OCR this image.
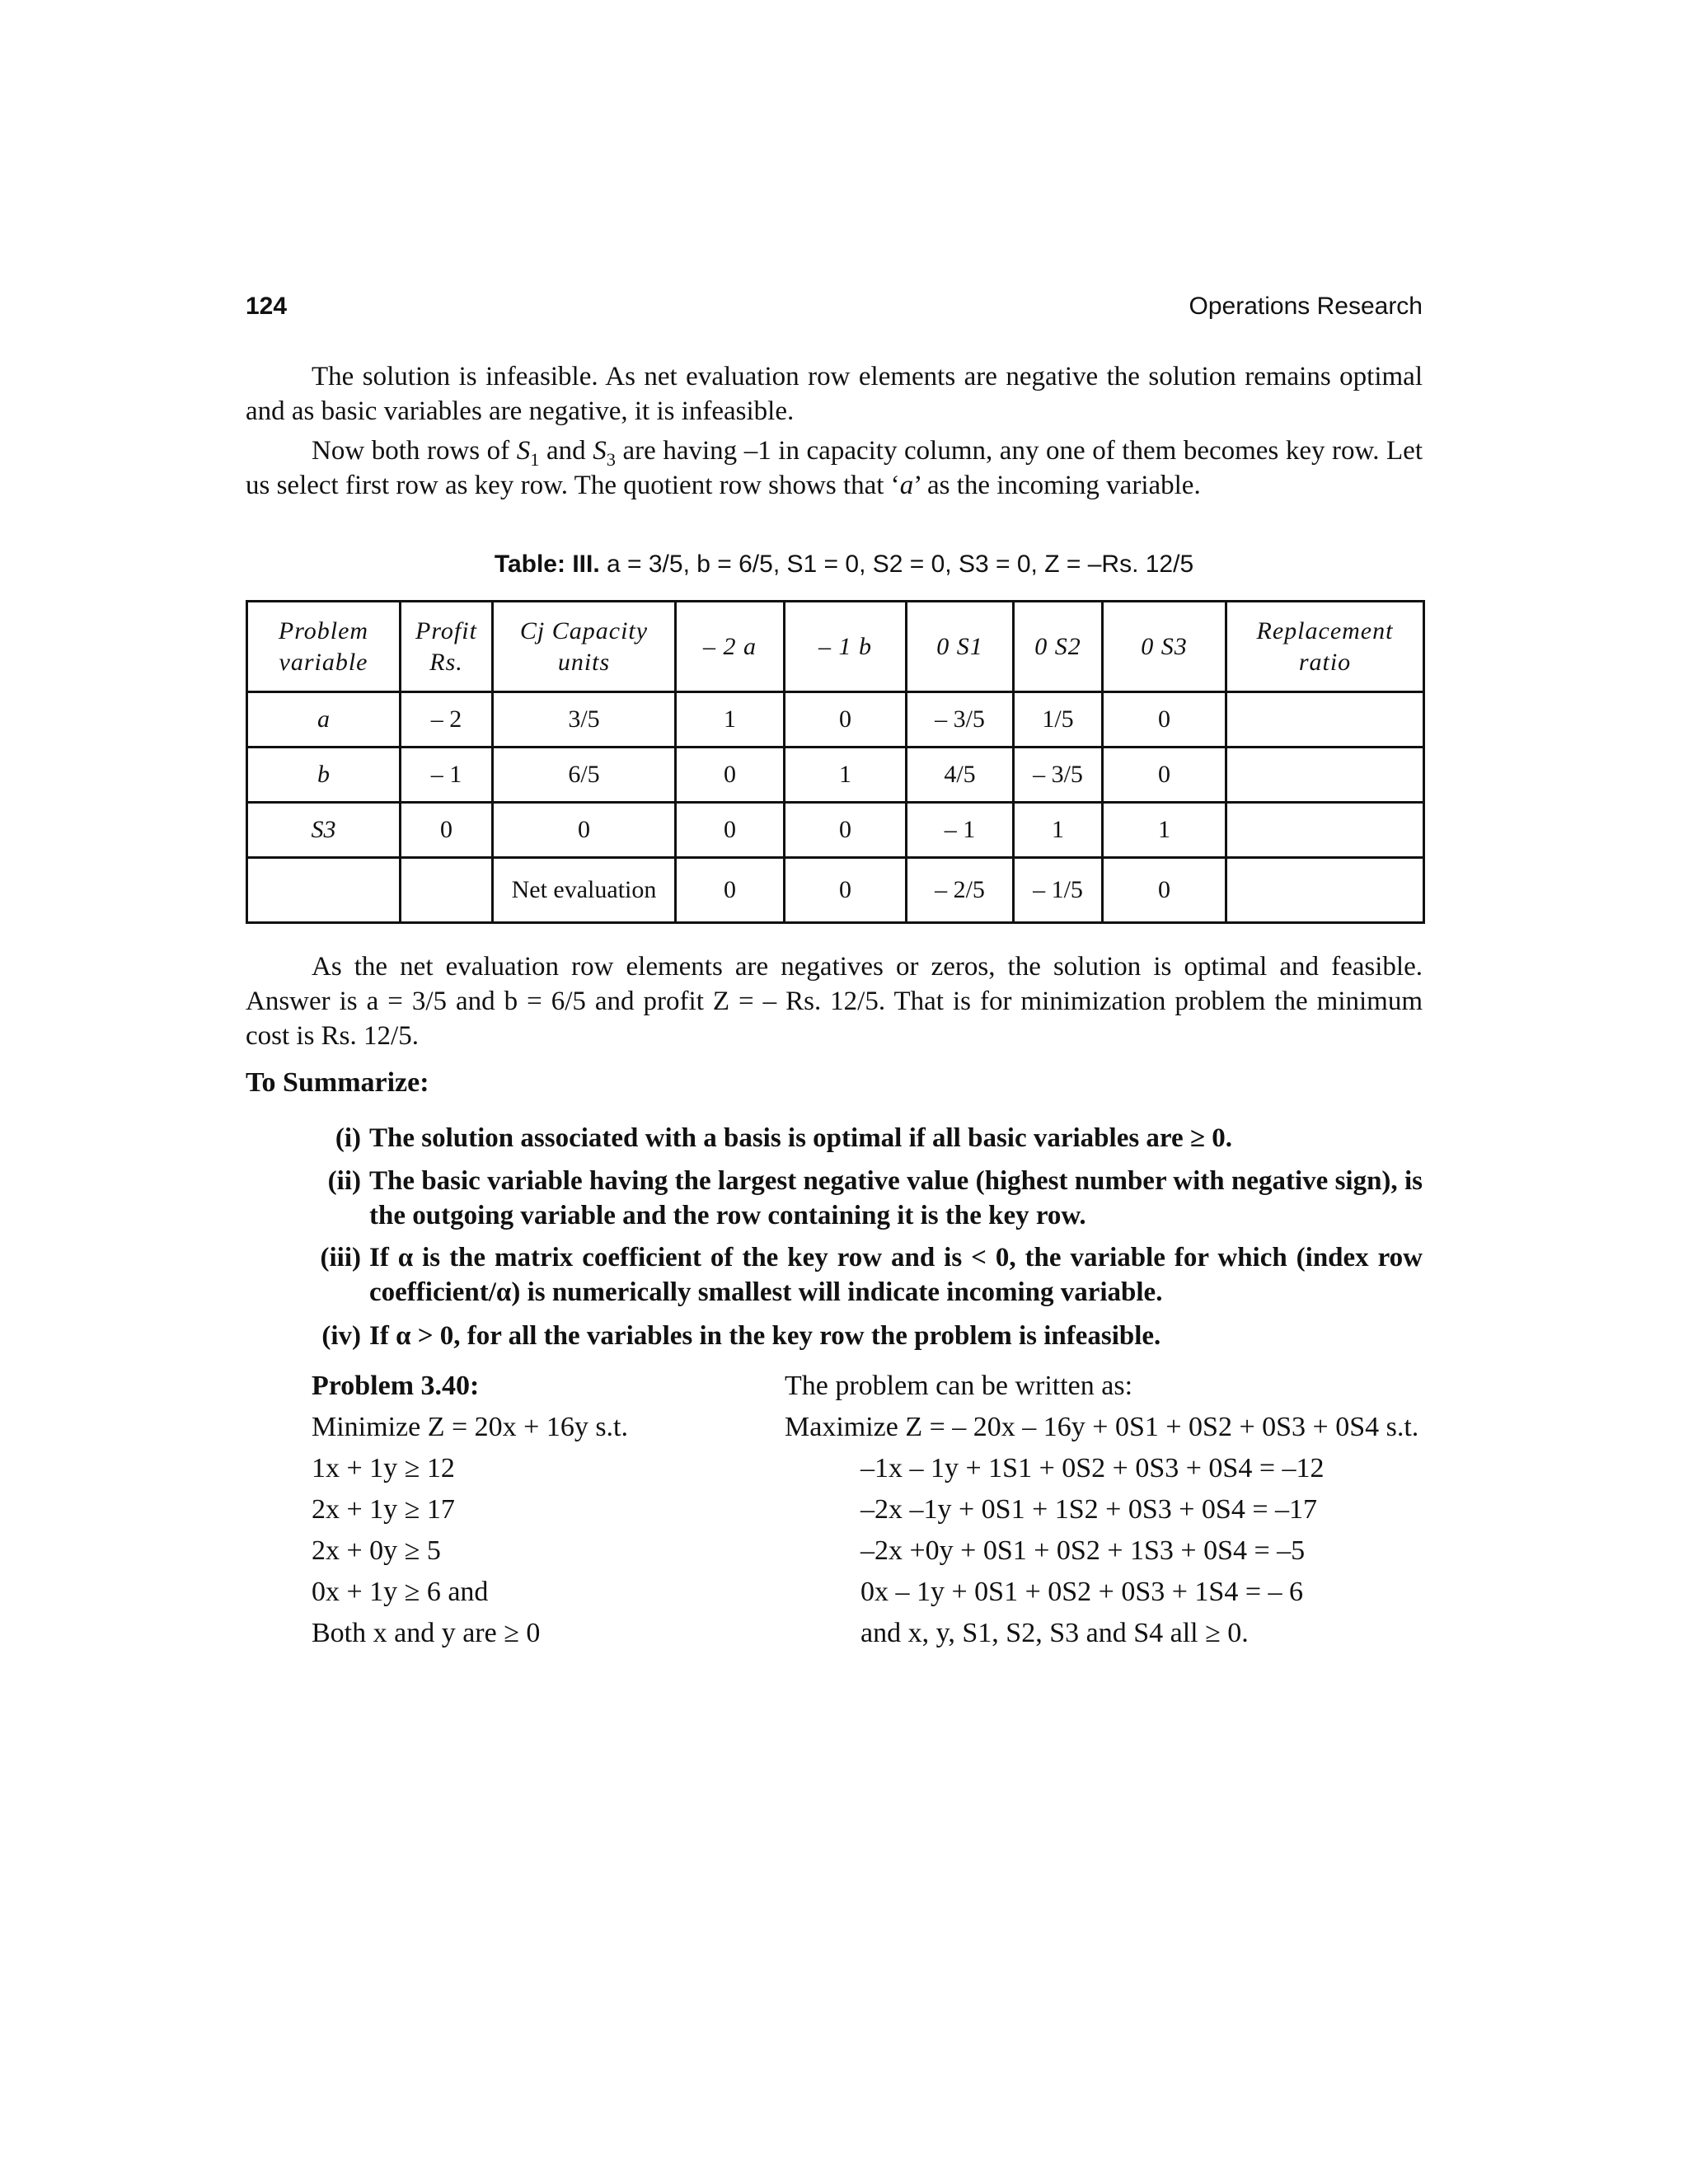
124	Operations Research

The solution is infeasible. As net evaluation row elements are negative the solution remains optimal and as basic variables are negative, it is infeasible.

Now both rows of $S_1$ and $S_3$ are having –1 in capacity column, any one of them becomes key row. Let us select first row as key row. The quotient row shows that ‘a’ as the incoming variable.

Table: III. a = 3/5, b = 6/5, S1 = 0, S2 = 0, S3 = 0, Z = –Rs. 12/5
Problem variable	Profit Rs.	Cj Capacity units	– 2 a	– 1 b	0 S1	0 S2	0 S3	Replacement ratio
a	– 2	3/5	1	0	– 3/5	1/5	0	
b	– 1	6/5	0	1	4/5	– 3/5	0	
S3	0	0	0	0	– 1	1	1	
		Net evaluation	0	0	– 2/5	– 1/5	0	

As the net evaluation row elements are negatives or zeros, the solution is optimal and feasible. Answer is a = 3/5 and b = 6/5 and profit Z = – Rs. 12/5. That is for minimization problem the minimum cost is Rs. 12/5.

To Summarize:
(i) The solution associated with a basis is optimal if all basic variables are ≥ 0.
(ii) The basic variable having the largest negative value (highest number with negative sign), is the outgoing variable and the row containing it is the key row.
(iii) If α is the matrix coefficient of the key row and is < 0, the variable for which (index row coefficient/α) is numerically smallest will indicate incoming variable.
(iv) If α > 0, for all the variables in the key row the problem is infeasible.
Problem 3.40:
Minimize Z = 20x + 16y s.t.
1x + 1y ≥ 12
2x + 1y ≥ 17
2x + 0y ≥ 5
0x + 1y ≥ 6 and
Both x and y are ≥ 0
The problem can be written as:
Maximize Z = – 20x – 16y + 0S1 + 0S2 + 0S3 + 0S4 s.t.
–1x – 1y + 1S1 + 0S2 + 0S3 + 0S4 = –12
–2x –1y + 0S1 + 1S2 + 0S3 + 0S4 = –17
–2x +0y + 0S1 + 0S2 + 1S3 + 0S4 = –5
0x – 1y + 0S1 + 0S2 + 0S3 + 1S4 = – 6
and x, y, S1, S2, S3 and S4 all ≥ 0.
